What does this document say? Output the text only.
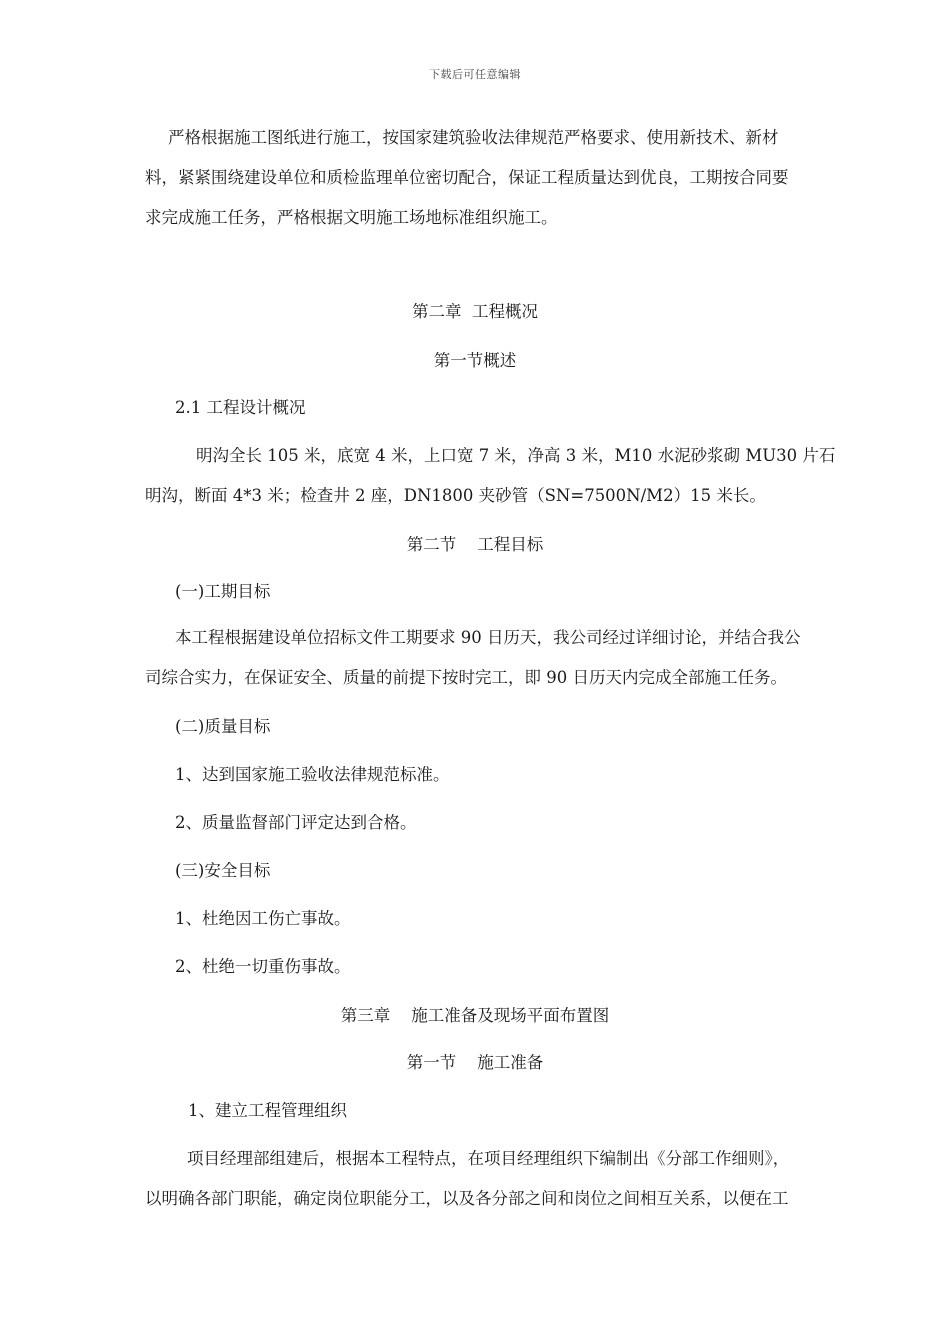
下载后可任意编辑
严格根据施工图纸进行施工，按国家建筑验收法律规范严格要求、使用新技术、新材
料，紧紧围绕建设单位和质检监理单位密切配合，保证工程质量达到优良，工期按合同要
求完成施工任务，严格根据文明施工场地标准组织施工。
第二章  工程概况
第一节概述
2.1 工程设计概况
明沟全长 105 米，底宽 4 米，上口宽 7 米，净高 3 米，M10 水泥砂浆砌 MU30 片石
明沟，断面 4*3 米；检查井 2 座，DN1800 夹砂管（SN=7500N/M2）15 米长。
第二节    工程目标
(一)工期目标
本工程根据建设单位招标文件工期要求 90 日历天，我公司经过详细讨论，并结合我公
司综合实力，在保证安全、质量的前提下按时完工，即 90 日历天内完成全部施工任务。
(二)质量目标
1、达到国家施工验收法律规范标准。
2、质量监督部门评定达到合格。
(三)安全目标
1、杜绝因工伤亡事故。
2、杜绝一切重伤事故。
第三章    施工准备及现场平面布置图
第一节    施工准备
1、建立工程管理组织
项目经理部组建后，根据本工程特点，在项目经理组织下编制出《分部工作细则》，
以明确各部门职能，确定岗位职能分工，以及各分部之间和岗位之间相互关系，以便在工
